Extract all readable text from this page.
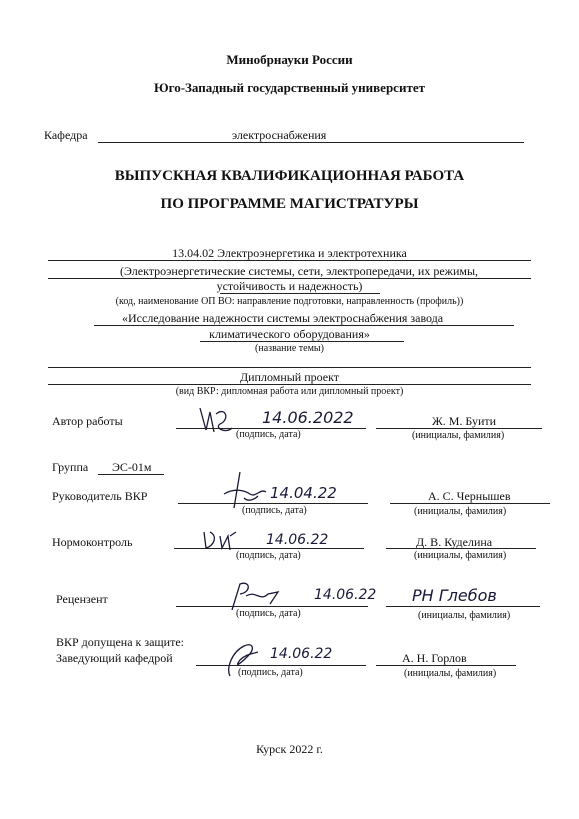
Минобрнауки России
Юго-Западный государственный университет
Кафедра	электроснабжения
ВЫПУСКНАЯ КВАЛИФИКАЦИОННАЯ РАБОТА
ПО ПРОГРАММЕ МАГИСТРАТУРЫ
13.04.02 Электроэнергетика и электротехника
(Электроэнергетические системы, сети, электропередачи, их режимы,
устойчивость и надежность)
(код, наименование ОП ВО: направление подготовки, направленность (профиль))
«Исследование надежности системы электроснабжения завода
климатического оборудования»
(название темы)
Дипломный проект
(вид ВКР: дипломная работа или дипломный проект)
Автор работы	14.06.2022
(подпись, дата)
Ж. М. Буити
(инициалы, фамилия)
Группа ЭС-01м
Руководитель ВКР	14.04.22
(подпись, дата)
А. С. Чернышев
(инициалы, фамилия)
Нормоконтроль	14.06.22
(подпись, дата)
Д. В. Куделина
(инициалы, фамилия)
Рецензент	14.06.22
(подпись, дата)
РН Глебов
(инициалы, фамилия)
ВКР допущена к защите:
Заведующий кафедрой	14.06.22
(подпись, дата)
А. Н. Горлов
(инициалы, фамилия)
Курск 2022 г.
